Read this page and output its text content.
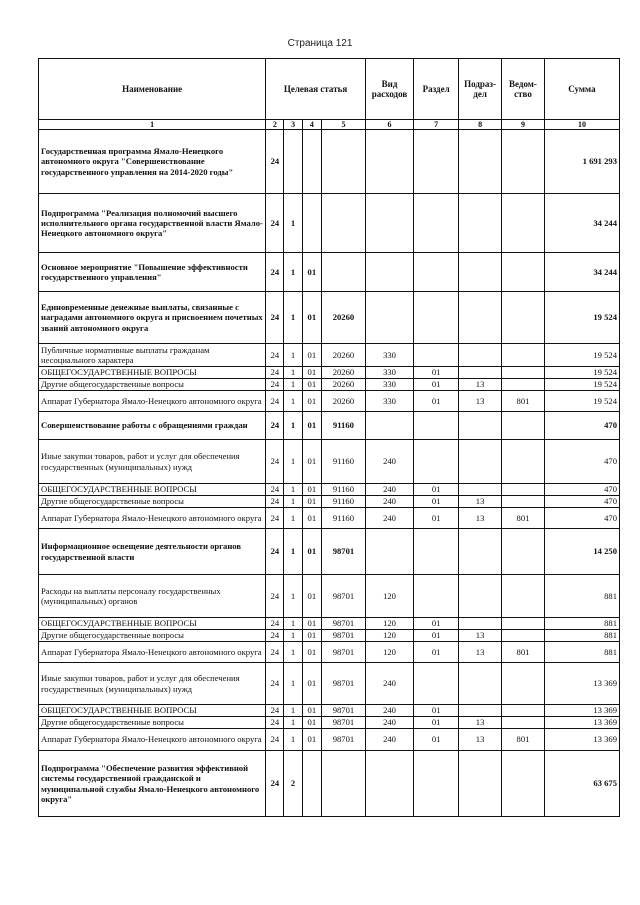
Страница 121
Наименование	Целевая статья				Вид расходов	Раздел	Подраз-дел	Ведом-ство	Сумма
1	2	3	4	5	6	7	8	9	10
Государственная программа Ямало-Ненецкого автономного округа "Совершенствование государственного управления на 2014-2020 годы"	24								1 691 293
Подпрограмма "Реализация полномочий высшего исполнительного органа государственной власти Ямало-Ненецкого автономного округа"	24	1							34 244
Основное мероприятие "Повышение эффективности государственного управления"	24	1	01						34 244
Единовременные денежные выплаты, связанные с наградами автономного округа и присвоением почетных званий автономного округа	24	1	01	20260					19 524
Публичные нормативные выплаты гражданам несоциального характера	24	1	01	20260	330				19 524
ОБЩЕГОСУДАРСТВЕННЫЕ ВОПРОСЫ	24	1	01	20260	330	01			19 524
Другие общегосударственные вопросы	24	1	01	20260	330	01	13		19 524
Аппарат Губернатора Ямало-Ненецкого автономного округа	24	1	01	20260	330	01	13	801	19 524
Совершенствование работы с обращениями граждан	24	1	01	91160					470
Иные закупки товаров, работ и услуг для обеспечения государственных (муниципальных) нужд	24	1	01	91160	240				470
ОБЩЕГОСУДАРСТВЕННЫЕ ВОПРОСЫ	24	1	01	91160	240	01			470
Другие общегосударственные вопросы	24	1	01	91160	240	01	13		470
Аппарат Губернатора Ямало-Ненецкого автономного округа	24	1	01	91160	240	01	13	801	470
Информационное освещение деятельности органов государственной власти	24	1	01	98701					14 250
Расходы на выплаты персоналу государственных (муниципальных) органов	24	1	01	98701	120				881
ОБЩЕГОСУДАРСТВЕННЫЕ ВОПРОСЫ	24	1	01	98701	120	01			881
Другие общегосударственные вопросы	24	1	01	98701	120	01	13		881
Аппарат Губернатора Ямало-Ненецкого автономного округа	24	1	01	98701	120	01	13	801	881
Иные закупки товаров, работ и услуг для обеспечения государственных (муниципальных) нужд	24	1	01	98701	240				13 369
ОБЩЕГОСУДАРСТВЕННЫЕ ВОПРОСЫ	24	1	01	98701	240	01			13 369
Другие общегосударственные вопросы	24	1	01	98701	240	01	13		13 369
Аппарат Губернатора Ямало-Ненецкого автономного округа	24	1	01	98701	240	01	13	801	13 369
Подпрограмма "Обеспечение развития эффективной системы государственной гражданской и муниципальной службы Ямало-Ненецкого автономного округа"	24	2							63 675
